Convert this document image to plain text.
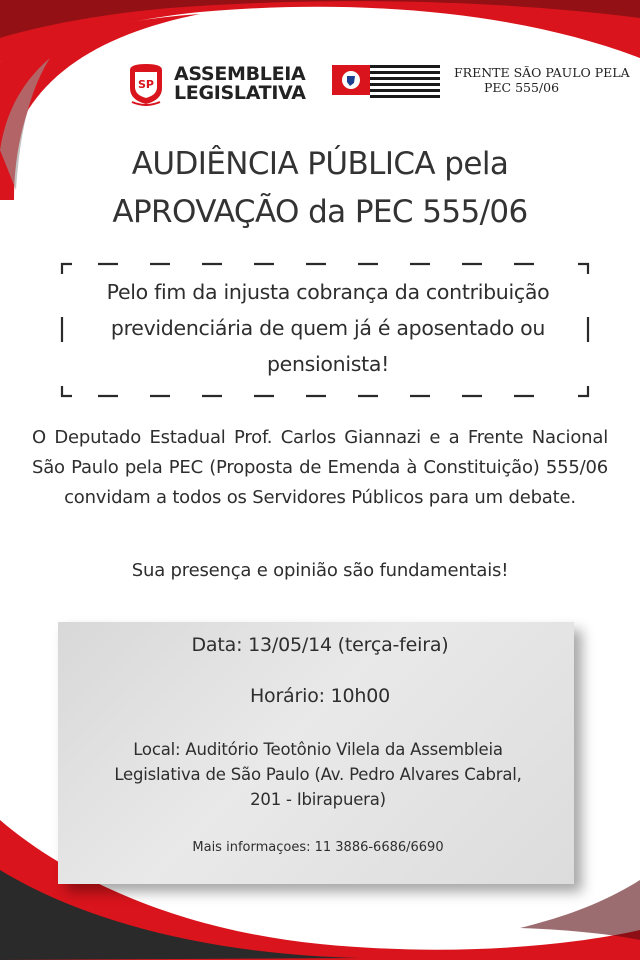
SP ASSEMBLEIA
LEGISLATIVA
FRENTE SÃO PAULO PELA
PEC 555/06
AUDIÊNCIA PÚBLICA pela
APROVAÇÃO da PEC 555/06
Pelo fim da injusta cobrança da contribuição
previdenciária de quem já é aposentado ou
pensionista!
O Deputado Estadual Prof. Carlos Giannazi e a Frente Nacional São Paulo pela PEC (Proposta de Emenda à Constituição) 555/06 convidam a todos os Servidores Públicos para um debate.
Sua presença e opinião são fundamentais!
Data: 13/05/14 (terça-feira)
Horário: 10h00
Local: Auditório Teotônio Vilela da Assembleia
Legislativa de São Paulo (Av. Pedro Alvares Cabral,
201 - Ibirapuera)
Mais informaçoes: 11 3886-6686/6690
